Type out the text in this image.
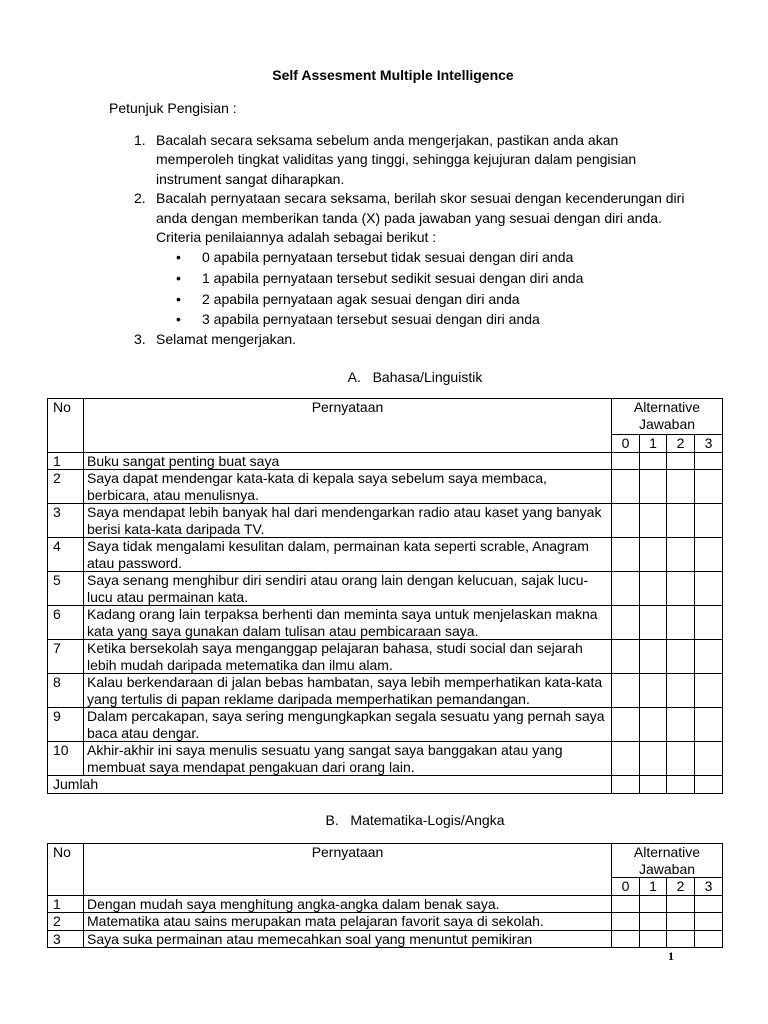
Self Assesment Multiple Intelligence
Petunjuk Pengisian :
1. Bacalah secara seksama sebelum anda mengerjakan, pastikan anda akan memperoleh tingkat validitas yang tinggi, sehingga kejujuran dalam pengisian instrument sangat diharapkan.
2. Bacalah pernyataan secara seksama, berilah skor sesuai dengan kecenderungan diri anda dengan memberikan tanda (X) pada jawaban yang sesuai dengan diri anda. Criteria penilaiannya adalah sebagai berikut :
• 0 apabila pernyataan tersebut tidak sesuai dengan diri anda
• 1 apabila pernyataan tersebut sedikit sesuai dengan diri anda
• 2 apabila pernyataan agak sesuai dengan diri anda
• 3 apabila pernyataan tersebut sesuai dengan diri anda
3. Selamat mengerjakan.
A. Bahasa/Linguistik
No	Pernyataan	Alternative Jawaban			
		0	1	2	3
1	Buku sangat penting buat saya				
2	Saya dapat mendengar kata-kata di kepala saya sebelum saya membaca, berbicara, atau menulisnya.				
3	Saya mendapat lebih banyak hal dari mendengarkan radio atau kaset yang banyak berisi kata-kata daripada TV.				
4	Saya tidak mengalami kesulitan dalam, permainan kata seperti scrable, Anagram atau password.				
5	Saya senang menghibur diri sendiri atau orang lain dengan kelucuan, sajak lucu-lucu atau permainan kata.				
6	Kadang orang lain terpaksa berhenti dan meminta saya untuk menjelaskan makna kata yang saya gunakan dalam tulisan atau pembicaraan saya.				
7	Ketika bersekolah saya menganggap pelajaran bahasa, studi social dan sejarah lebih mudah daripada metematika dan ilmu alam.				
8	Kalau berkendaraan di jalan bebas hambatan, saya lebih memperhatikan kata-kata yang tertulis di papan reklame daripada memperhatikan pemandangan.				
9	Dalam percakapan, saya sering mengungkapkan segala sesuatu yang pernah saya baca atau dengar.				
10	Akhir-akhir ini saya menulis sesuatu yang sangat saya banggakan atau yang membuat saya mendapat pengakuan dari orang lain.				
Jumlah					
B. Matematika-Logis/Angka
No	Pernyataan	Alternative Jawaban			
		0	1	2	3
1	Dengan mudah saya menghitung angka-angka dalam benak saya.				
2	Matematika atau sains merupakan mata pelajaran favorit saya di sekolah.				
3	Saya suka permainan atau memecahkan soal yang menuntut pemikiran				
1
